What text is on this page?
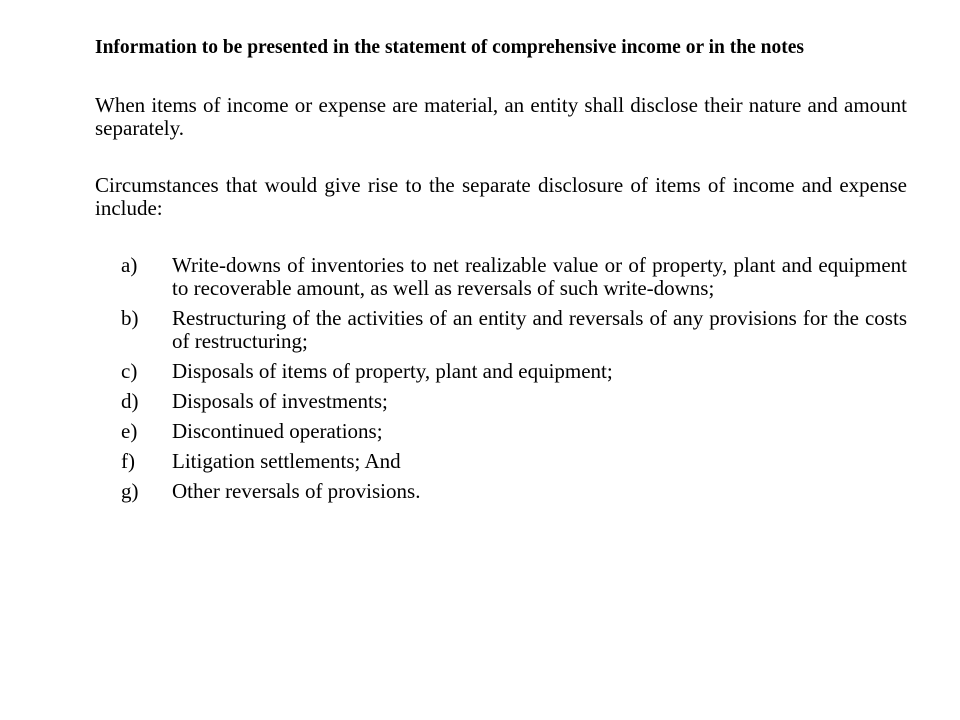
Information to be presented in the statement of comprehensive income or in the notes

When items of income or expense are material, an entity shall disclose their nature and amount separately.

Circumstances that would give rise to the separate disclosure of items of income and expense include:

a)	Write-downs of inventories to net realizable value or of property, plant and equipment to recoverable amount, as well as reversals of such write-downs;
b)	Restructuring of the activities of an entity and reversals of any provisions for the costs of restructuring;
c)	Disposals of items of property, plant and equipment;
d)	Disposals of investments;
e)	Discontinued operations;
f)	Litigation settlements; And
g)	Other reversals of provisions.
